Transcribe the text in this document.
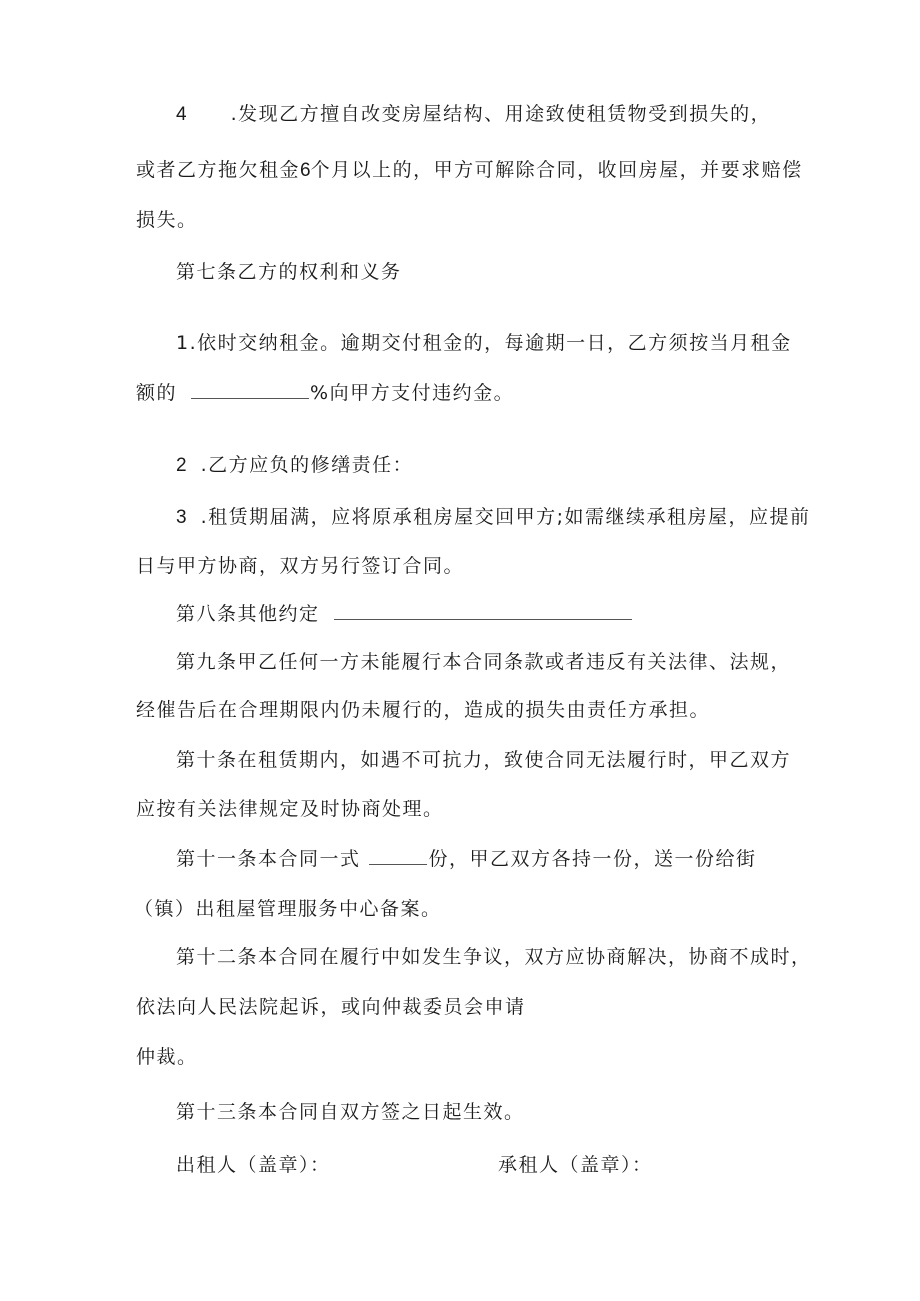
4 .发现乙方擅自改变房屋结构、用途致使租赁物受到损失的，
或者乙方拖欠租金6个月以上的，甲方可解除合同，收回房屋，并要求赔偿
损失。
第七条乙方的权利和义务
1.依时交纳租金。逾期交付租金的，每逾期一日，乙方须按当月租金
额的	%向甲方支付违约金。
2 .乙方应负的修缮责任：
3 .租赁期届满，应将原承租房屋交回甲方;如需继续承租房屋，应提前
日与甲方协商，双方另行签订合同。
第八条其他约定
第九条甲乙任何一方未能履行本合同条款或者违反有关法律、法规，
经催告后在合理期限内仍未履行的，造成的损失由责任方承担。
第十条在租赁期内，如遇不可抗力，致使合同无法履行时，甲乙双方
应按有关法律规定及时协商处理。
第十一条本合同一式	份，甲乙双方各持一份，送一份给街
（镇）出租屋管理服务中心备案。
第十二条本合同在履行中如发生争议，双方应协商解决，协商不成时，
依法向人民法院起诉，或向仲裁委员会申请
仲裁。
第十三条本合同自双方签之日起生效。
出租人（盖章）：	承租人（盖章）：
